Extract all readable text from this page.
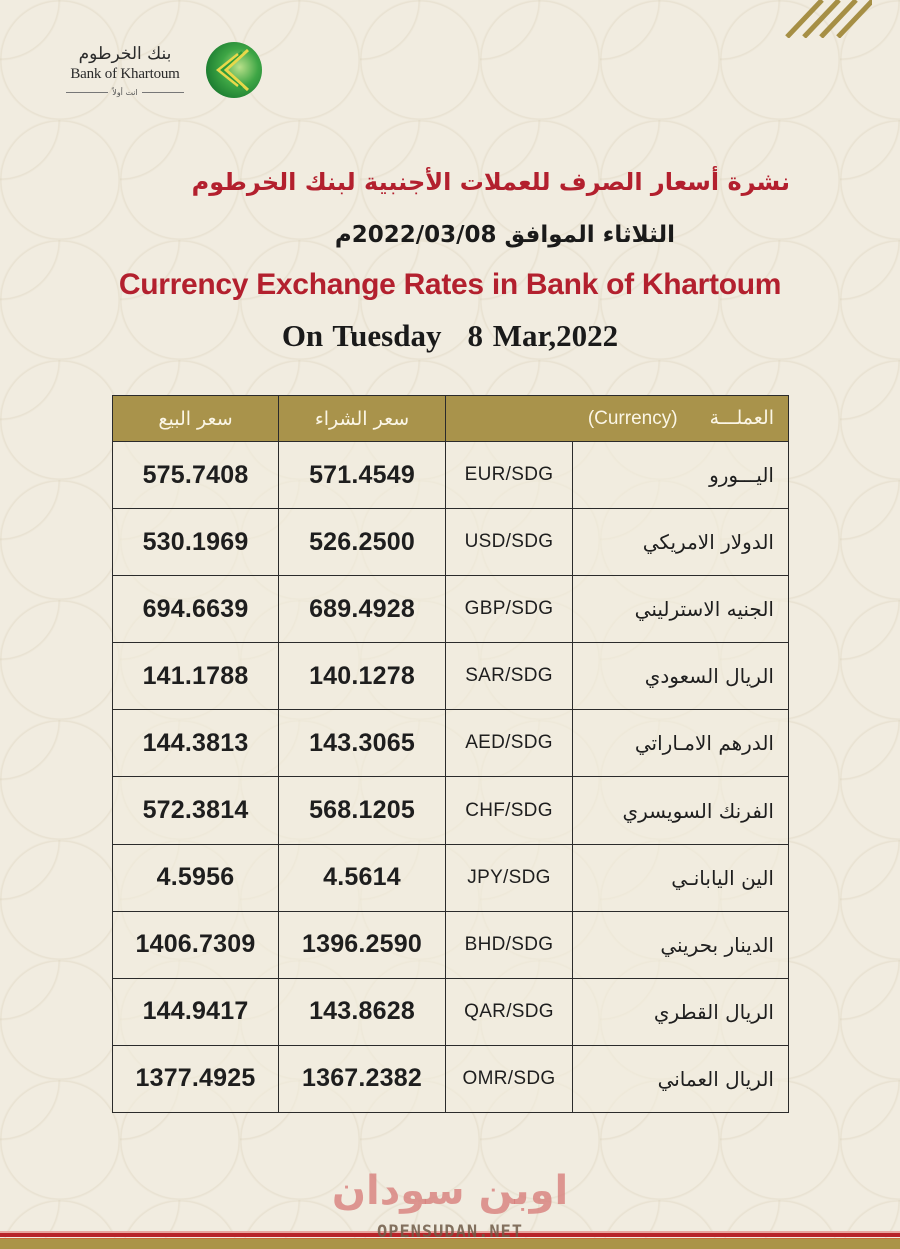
بنك الخرطوم
Bank of Khartoum
انت أولاً
نشرة أسعار الصرف للعملات الأجنبية لبنك الخرطوم
الثلاثاء الموافق 2022/03/08م
Currency Exchange Rates in Bank of Khartoum
On Tuesday 8 Mar,2022
سعر البيع	سعر الشراء	العملـــة (Currency)	
575.7408	571.4549	EUR/SDG	اليـــورو
530.1969	526.2500	USD/SDG	الدولار الامريكي
694.6639	689.4928	GBP/SDG	الجنيه الاسترليني
141.1788	140.1278	SAR/SDG	الريال السعودي
144.3813	143.3065	AED/SDG	الدرهم الامـاراتي
572.3814	568.1205	CHF/SDG	الفرنك السويسري
4.5956	4.5614	JPY/SDG	الين اليابانـي
1406.7309	1396.2590	BHD/SDG	الدينار بحريني
144.9417	143.8628	QAR/SDG	الريال القطري
1377.4925	1367.2382	OMR/SDG	الريال العماني
اوبن سودان
OPENSUDAN.NET
